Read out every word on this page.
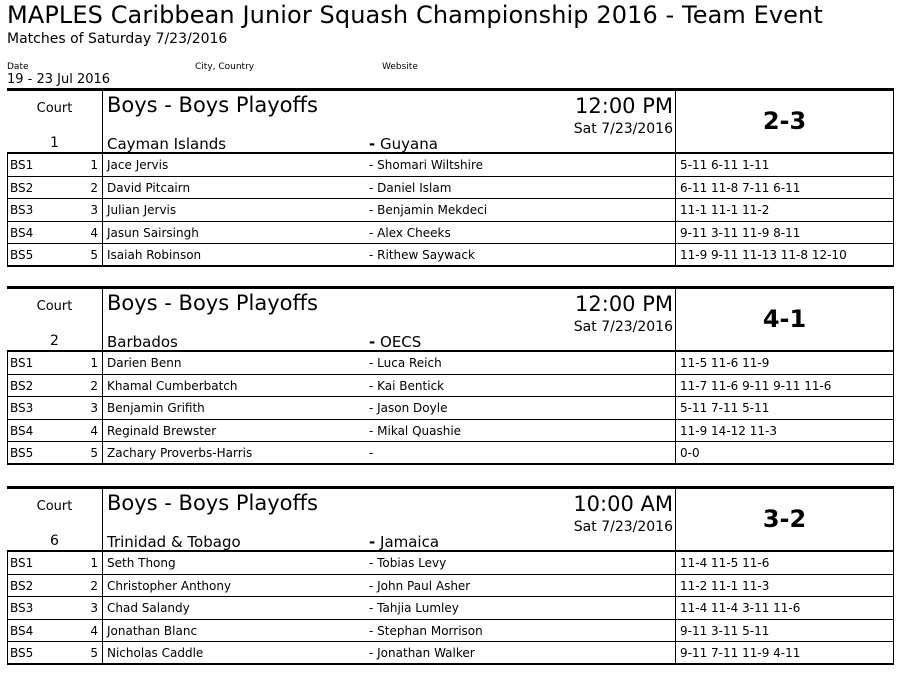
MAPLES Caribbean Junior Squash Championship 2016 - Team Event
Matches of Saturday 7/23/2016
Date	City, Country	Website
19 - 23 Jul 2016
Court
1
Boys - Boys Playoffs	12:00 PM
Sat 7/23/2016
Cayman Islands	- Guyana
2-3
BS1	1 Jace Jervis	- Shomari Wiltshire	5-11 6-11 1-11
BS2	2 David Pitcairn	- Daniel Islam	6-11 11-8 7-11 6-11
BS3	3 Julian Jervis	- Benjamin Mekdeci	11-1 11-1 11-2
BS4	4 Jasun Sairsingh	- Alex Cheeks	9-11 3-11 11-9 8-11
BS5	5 Isaiah Robinson	- Rithew Saywack	11-9 9-11 11-13 11-8 12-10
Court
2
Boys - Boys Playoffs	12:00 PM
Sat 7/23/2016
Barbados	- OECS
4-1
BS1	1 Darien Benn	- Luca Reich	11-5 11-6 11-9
BS2	2 Khamal Cumberbatch	- Kai Bentick	11-7 11-6 9-11 9-11 11-6
BS3	3 Benjamin Grifith	- Jason Doyle	5-11 7-11 5-11
BS4	4 Reginald Brewster	- Mikal Quashie	11-9 14-12 11-3
BS5	5 Zachary Proverbs-Harris	-	0-0
Court
6
Boys - Boys Playoffs	10:00 AM
Sat 7/23/2016
Trinidad & Tobago	- Jamaica
3-2
BS1	1 Seth Thong	- Tobias Levy	11-4 11-5 11-6
BS2	2 Christopher Anthony	- John Paul Asher	11-2 11-1 11-3
BS3	3 Chad Salandy	- Tahjia Lumley	11-4 11-4 3-11 11-6
BS4	4 Jonathan Blanc	- Stephan Morrison	9-11 3-11 5-11
BS5	5 Nicholas Caddle	- Jonathan Walker	9-11 7-11 11-9 4-11
